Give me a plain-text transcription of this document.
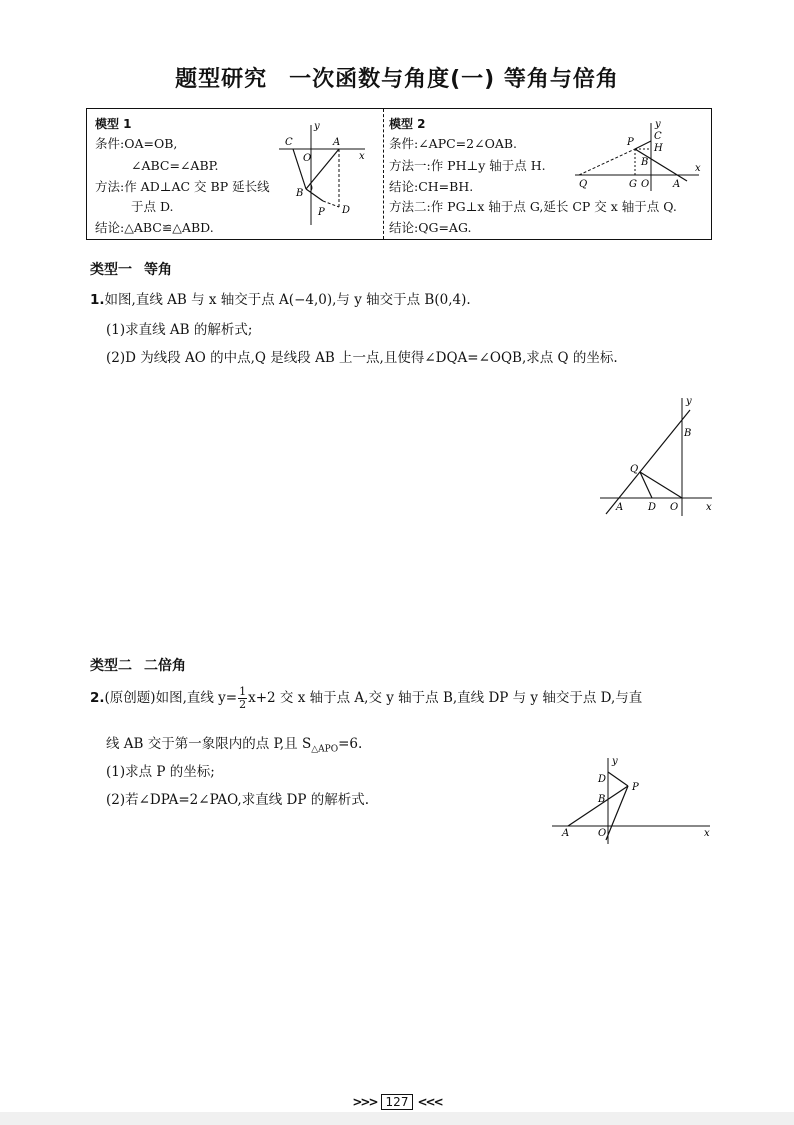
题型研究 一次函数与角度(一) 等角与倍角
模型 1
条件:OA=OB,
∠ABC=∠ABP.
方法:作 AD⊥AC 交 BP 延长线
于点 D.
结论:△ABC≌△ABD.
C
y
A
O	x
B
P D
模型 2
条件:∠APC=2∠OAB.
方法一:作 PH⊥y 轴于点 H.
结论:CH=BH.
方法二:作 PG⊥x 轴于点 G,延长 CP 交 x 轴于点 Q.
结论:QG=AG.
y
P
C
H
B
Q	G O A
x
类型一 等角
1.如图,直线 AB 与 x 轴交于点 A(−4,0),与 y 轴交于点 B(0,4).
(1)求直线 AB 的解析式;
(2)D 为线段 AO 的中点,Q 是线段 AB 上一点,且使得∠DQA=∠OQB,求点 Q 的坐标.
y
B
Q
A D O	x
类型二 二倍角
2.(原创题)如图,直线 $y= \frac{1}{2} x+2$ 交 x 轴于点 A,交 y 轴于点 B,直线 DP 与 y 轴交于点 D,与直
线 AB 交于第一象限内的点 P,且 $S_{\triangle APO}=6$.
(1)求点 P 的坐标;
(2)若∠DPA=2∠PAO,求直线 DP 的解析式.
y
D
B
P
A	O	x
>>> 127 <<<
